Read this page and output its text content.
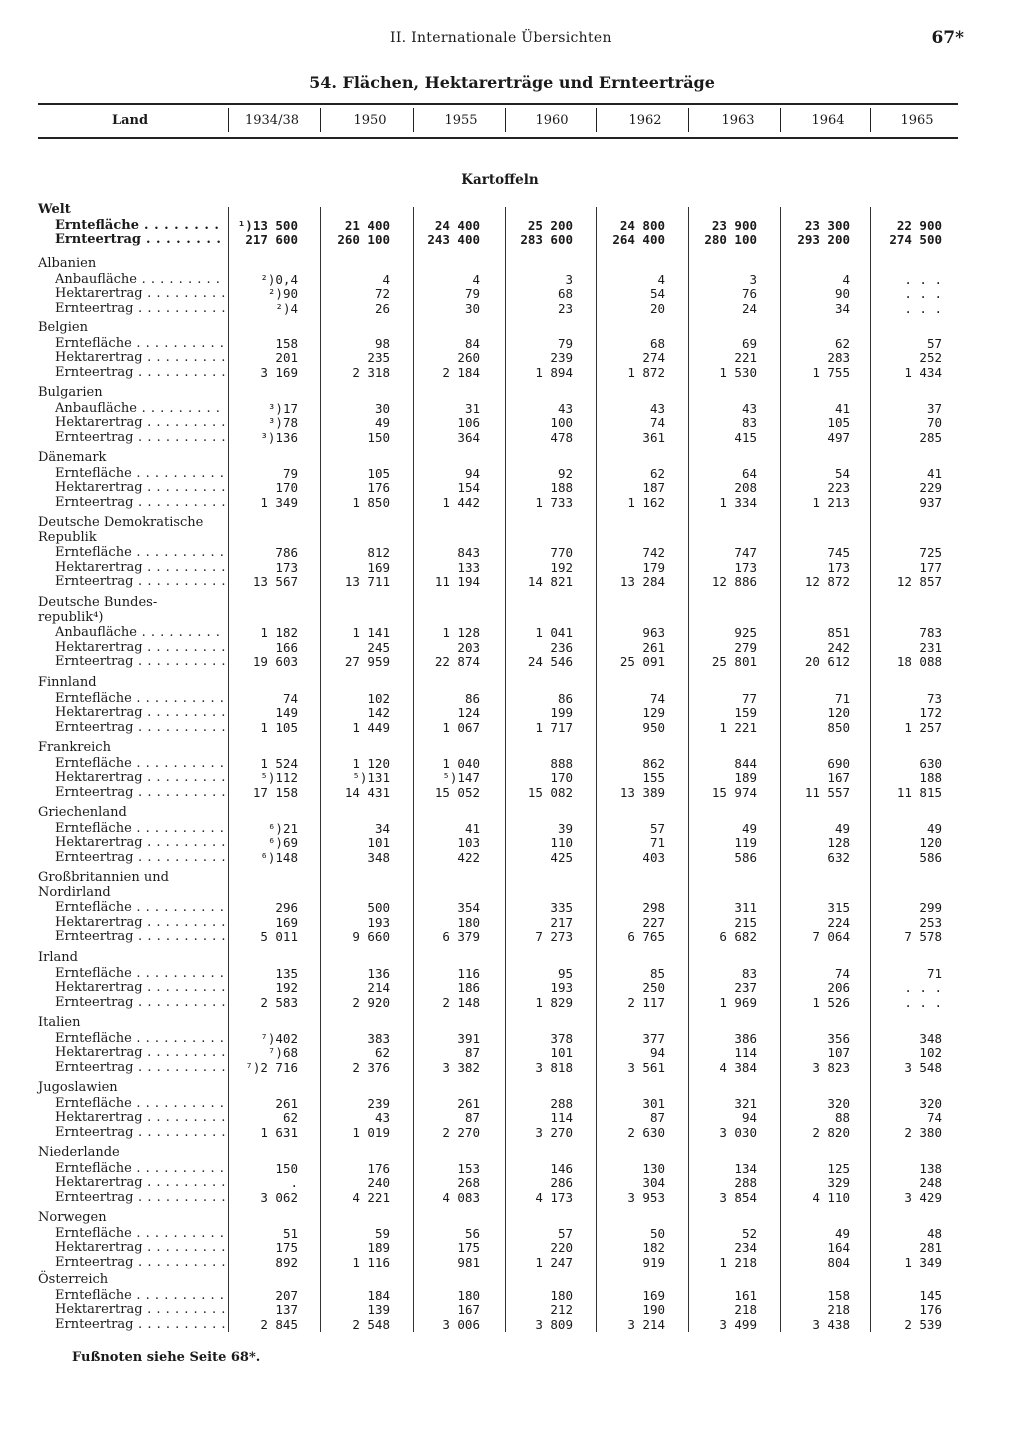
II. Internationale Übersichten	67*
54. Flächen, Hektarerträge und Ernteerträge
Land	1934/38	1950	1955	1960	1962	1963	1964	1965
Kartoffeln
Welt
Erntefläche . . .	¹)13 500	21 400	24 400	25 200	24 800	23 900	23 300	22 900
Ernteertrag . . .	217 600	260 100	243 400	283 600	264 400	280 100	293 200	274 500
Albanien
Anbaufläche . . .	²)0,4	4	4	3	4	3	4	. . .
Hektarertrag . . .	²)90	72	79	68	54	76	90	. . .
Ernteertrag . . .	²)4	26	30	23	20	24	34	. . .
Belgien
Erntefläche . . .	158	98	84	79	68	69	62	57
Hektarertrag . . .	201	235	260	239	274	221	283	252
Ernteertrag . . .	3 169	2 318	2 184	1 894	1 872	1 530	1 755	1 434
Bulgarien
Anbaufläche . . .	³)17	30	31	43	43	43	41	37
Hektarertrag . . .	³)78	49	106	100	74	83	105	70
Ernteertrag . . .	³)136	150	364	478	361	415	497	285
Dänemark
Erntefläche . . .	79	105	94	92	62	64	54	41
Hektarertrag . . .	170	176	154	188	187	208	223	229
Ernteertrag . . .	1 349	1 850	1 442	1 733	1 162	1 334	1 213	937
Deutsche Demokratische
Republik
Erntefläche . . .	786	812	843	770	742	747	745	725
Hektarertrag . . .	173	169	133	192	179	173	173	177
Ernteertrag . . .	13 567	13 711	11 194	14 821	13 284	12 886	12 872	12 857
Deutsche Bundes-
republik⁴)
Anbaufläche . . .	1 182	1 141	1 128	1 041	963	925	851	783
Hektarertrag . . .	166	245	203	236	261	279	242	231
Ernteertrag . . .	19 603	27 959	22 874	24 546	25 091	25 801	20 612	18 088
Finnland
Erntefläche . . .	74	102	86	86	74	77	71	73
Hektarertrag . . .	149	142	124	199	129	159	120	172
Ernteertrag . . .	1 105	1 449	1 067	1 717	950	1 221	850	1 257
Frankreich
Erntefläche . . .	1 524	1 120	1 040	888	862	844	690	630
Hektarertrag . . .	⁵)112	⁵)131	⁵)147	170	155	189	167	188
Ernteertrag . . .	17 158	14 431	15 052	15 082	13 389	15 974	11 557	11 815
Griechenland
Erntefläche . . .	⁶)21	34	41	39	57	49	49	49
Hektarertrag . . .	⁶)69	101	103	110	71	119	128	120
Ernteertrag . . .	⁶)148	348	422	425	403	586	632	586
Großbritannien und
Nordirland
Erntefläche . . .	296	500	354	335	298	311	315	299
Hektarertrag . . .	169	193	180	217	227	215	224	253
Ernteertrag . . .	5 011	9 660	6 379	7 273	6 765	6 682	7 064	7 578
Irland
Erntefläche . . .	135	136	116	95	85	83	74	71
Hektarertrag . . .	192	214	186	193	250	237	206	. . .
Ernteertrag . . .	2 583	2 920	2 148	1 829	2 117	1 969	1 526	. . .
Italien
Erntefläche . . .	⁷)402	383	391	378	377	386	356	348
Hektarertrag . . .	⁷)68	62	87	101	94	114	107	102
Ernteertrag . . .	⁷)2 716	2 376	3 382	3 818	3 561	4 384	3 823	3 548
Jugoslawien
Erntefläche . . .	261	239	261	288	301	321	320	320
Hektarertrag . . .	62	43	87	114	87	94	88	74
Ernteertrag . . .	1 631	1 019	2 270	3 270	2 630	3 030	2 820	2 380
Niederlande
Erntefläche . . .	150	176	153	146	130	134	125	138
Hektarertrag . . .	.	240	268	286	304	288	329	248
Ernteertrag . . .	3 062	4 221	4 083	4 173	3 953	3 854	4 110	3 429
Norwegen
Erntefläche . . .	51	59	56	57	50	52	49	48
Hektarertrag . . .	175	189	175	220	182	234	164	281
Ernteertrag . . .	892	1 116	981	1 247	919	1 218	804	1 349
Österreich
Erntefläche . . .	207	184	180	180	169	161	158	145
Hektarertrag . . .	137	139	167	212	190	218	218	176
Ernteertrag . . .	2 845	2 548	3 006	3 809	3 214	3 499	3 438	2 539
Fußnoten siehe Seite 68*.
